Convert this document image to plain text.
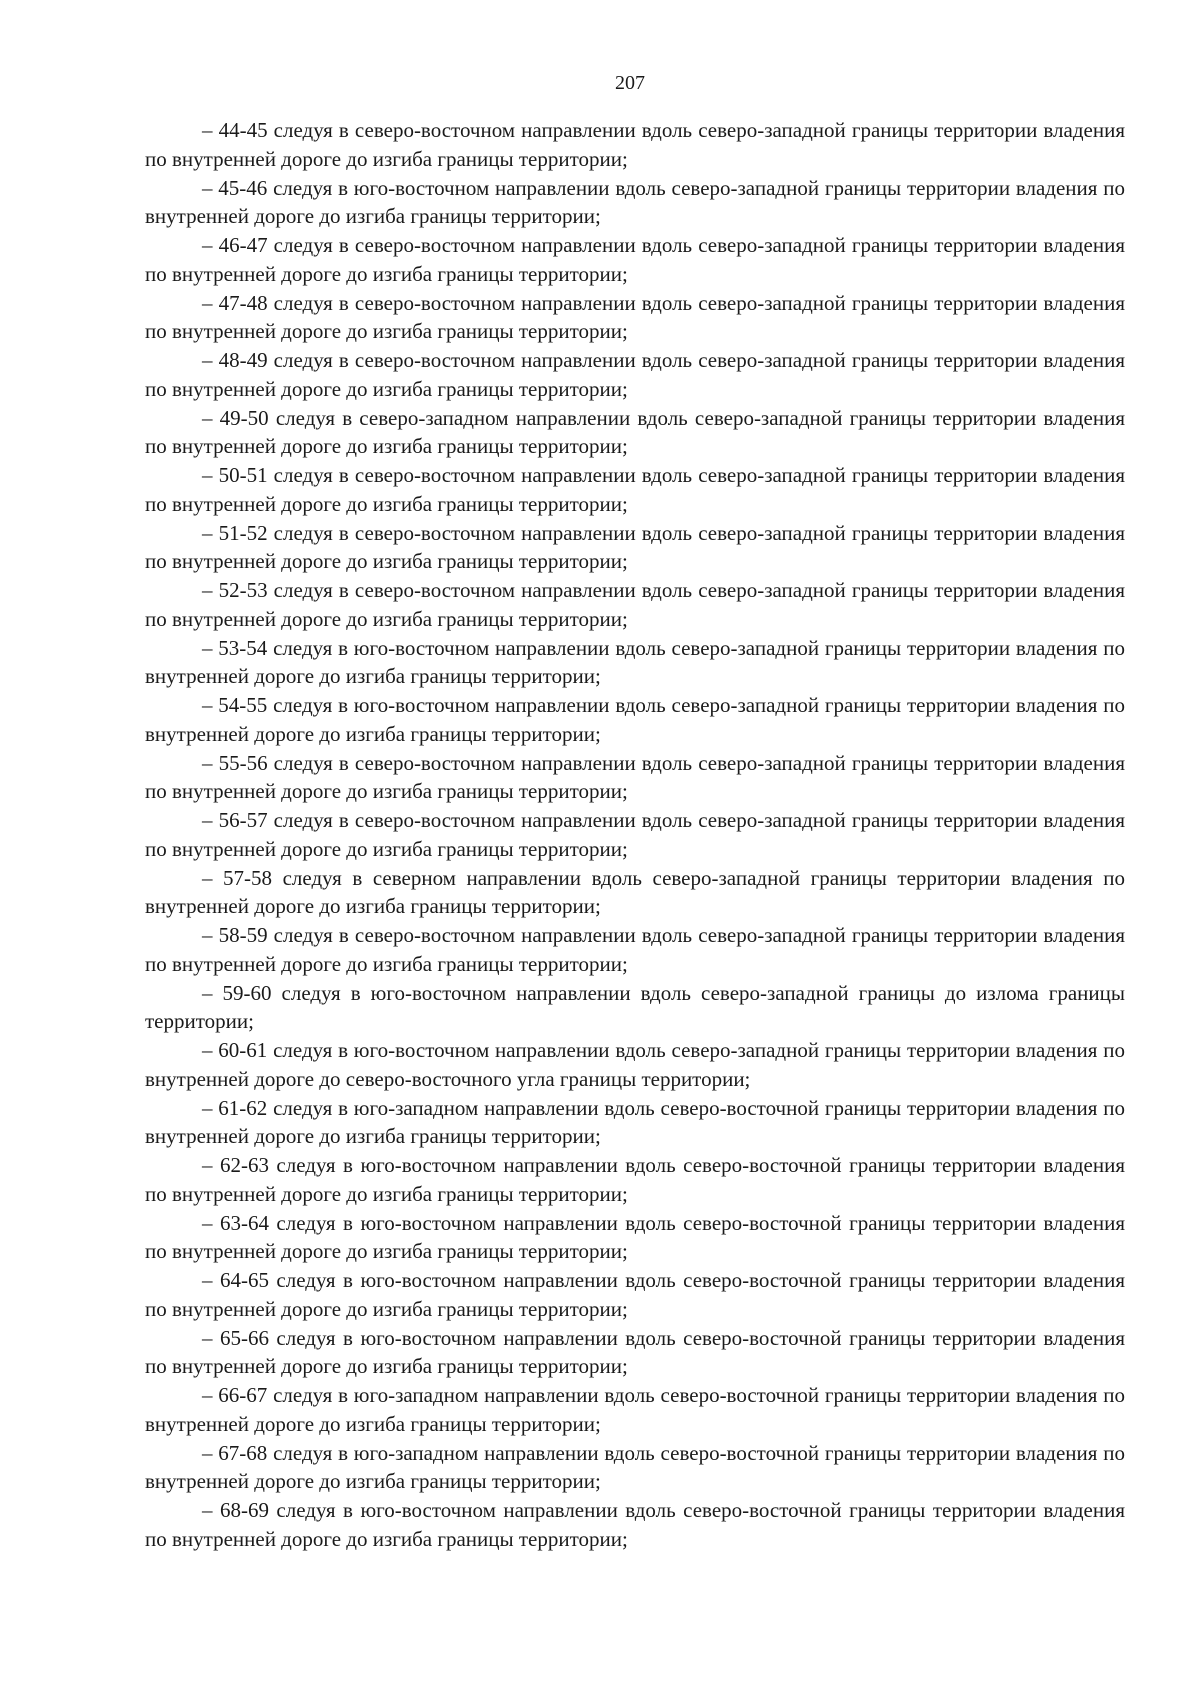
207

– 44-45 следуя в северо-восточном направлении вдоль северо-западной границы территории владения по внутренней дороге до изгиба границы территории;

– 45-46 следуя в юго-восточном направлении вдоль северо-западной границы территории владения по внутренней дороге до изгиба границы территории;

– 46-47 следуя в северо-восточном направлении вдоль северо-западной границы территории владения по внутренней дороге до изгиба границы территории;

– 47-48 следуя в северо-восточном направлении вдоль северо-западной границы территории владения по внутренней дороге до изгиба границы территории;

– 48-49 следуя в северо-восточном направлении вдоль северо-западной границы территории владения по внутренней дороге до изгиба границы территории;

– 49-50 следуя в северо-западном направлении вдоль северо-западной границы территории владения по внутренней дороге до изгиба границы территории;

– 50-51 следуя в северо-восточном направлении вдоль северо-западной границы территории владения по внутренней дороге до изгиба границы территории;

– 51-52 следуя в северо-восточном направлении вдоль северо-западной границы территории владения по внутренней дороге до изгиба границы территории;

– 52-53 следуя в северо-восточном направлении вдоль северо-западной границы территории владения по внутренней дороге до изгиба границы территории;

– 53-54 следуя в юго-восточном направлении вдоль северо-западной границы территории владения по внутренней дороге до изгиба границы территории;

– 54-55 следуя в юго-восточном направлении вдоль северо-западной границы территории владения по внутренней дороге до изгиба границы территории;

– 55-56 следуя в северо-восточном направлении вдоль северо-западной границы территории владения по внутренней дороге до изгиба границы территории;

– 56-57 следуя в северо-восточном направлении вдоль северо-западной границы территории владения по внутренней дороге до изгиба границы территории;

– 57-58 следуя в северном направлении вдоль северо-западной границы территории владения по внутренней дороге до изгиба границы территории;

– 58-59 следуя в северо-восточном направлении вдоль северо-западной границы территории владения по внутренней дороге до изгиба границы территории;

– 59-60 следуя в юго-восточном направлении вдоль северо-западной границы до излома границы территории;

– 60-61 следуя в юго-восточном направлении вдоль северо-западной границы территории владения по внутренней дороге до северо-восточного угла границы территории;

– 61-62 следуя в юго-западном направлении вдоль северо-восточной границы территории владения по внутренней дороге до изгиба границы территории;

– 62-63 следуя в юго-восточном направлении вдоль северо-восточной границы территории владения по внутренней дороге до изгиба границы территории;

– 63-64 следуя в юго-восточном направлении вдоль северо-восточной границы территории владения по внутренней дороге до изгиба границы территории;

– 64-65 следуя в юго-восточном направлении вдоль северо-восточной границы территории владения по внутренней дороге до изгиба границы территории;

– 65-66 следуя в юго-восточном направлении вдоль северо-восточной границы территории владения по внутренней дороге до изгиба границы территории;

– 66-67 следуя в юго-западном направлении вдоль северо-восточной границы территории владения по внутренней дороге до изгиба границы территории;

– 67-68 следуя в юго-западном направлении вдоль северо-восточной границы территории владения по внутренней дороге до изгиба границы территории;

– 68-69 следуя в юго-восточном направлении вдоль северо-восточной границы территории владения по внутренней дороге до изгиба границы территории;
